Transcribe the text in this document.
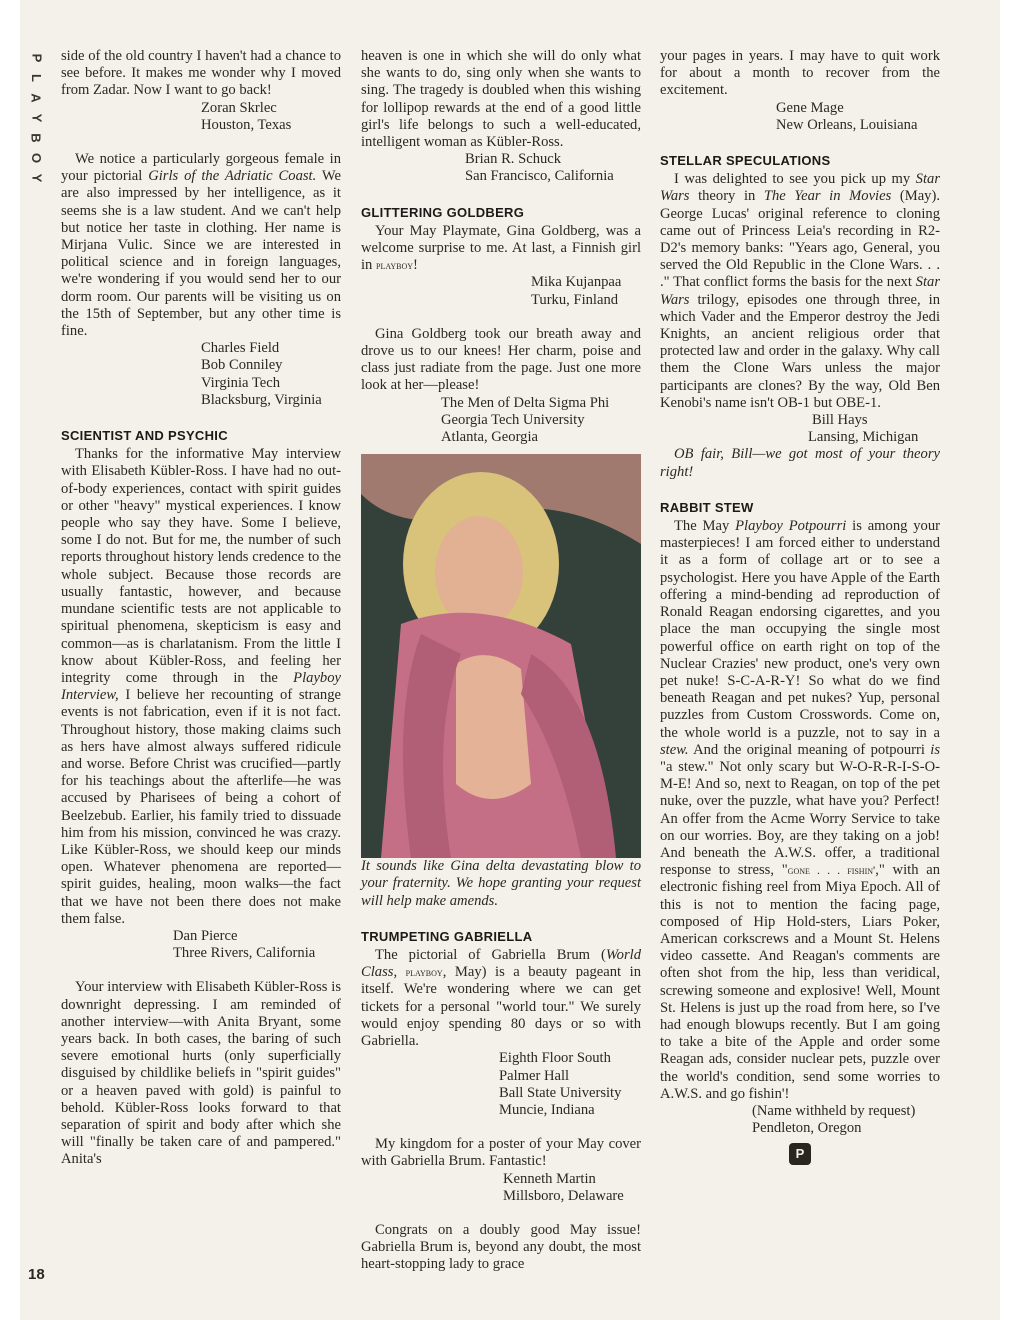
P
L
A
Y
B
O
Y
18

side of the old country I haven't had a chance to see before. It makes me wonder why I moved from Zadar. Now I want to go back!

Zoran Skrlec
Houston, Texas

We notice a particularly gorgeous female in your pictorial Girls of the Adriatic Coast. We are also impressed by her intelligence, as it seems she is a law student. And we can't help but notice her taste in clothing. Her name is Mirjana Vulic. Since we are interested in political science and in foreign languages, we're wondering if you would send her to our dorm room. Our parents will be visiting us on the 15th of September, but any other time is fine.

Charles Field
Bob Conniley
Virginia Tech
Blacksburg, Virginia
SCIENTIST AND PSYCHIC

Thanks for the informative May interview with Elisabeth Kübler-Ross. I have had no out-of-body experiences, contact with spirit guides or other "heavy" mystical experiences. I know people who say they have. Some I believe, some I do not. But for me, the number of such reports throughout history lends credence to the whole subject. Because those records are usually fantastic, however, and because mundane scientific tests are not applicable to spiritual phenomena, skepticism is easy and common—as is charlatanism. From the little I know about Kübler-Ross, and feeling her integrity come through in the Playboy Interview, I believe her recounting of strange events is not fabrication, even if it is not fact. Throughout history, those making claims such as hers have almost always suffered ridicule and worse. Before Christ was crucified—partly for his teachings about the afterlife—he was accused by Pharisees of being a cohort of Beelzebub. Earlier, his family tried to dissuade him from his mission, convinced he was crazy. Like Kübler-Ross, we should keep our minds open. Whatever phenomena are reported—spirit guides, healing, moon walks—the fact that we have not been there does not make them false.

Dan Pierce
Three Rivers, California

Your interview with Elisabeth Kübler-Ross is downright depressing. I am reminded of another interview—with Anita Bryant, some years back. In both cases, the baring of such severe emotional hurts (only superficially disguised by childlike beliefs in "spirit guides" or a heaven paved with gold) is painful to behold. Kübler-Ross looks forward to that separation of spirit and body after which she will "finally be taken care of and pampered." Anita's

heaven is one in which she will do only what she wants to do, sing only when she wants to sing. The tragedy is doubled when this wishing for lollipop rewards at the end of a good little girl's life belongs to such a well-educated, intelligent woman as Kübler-Ross.

Brian R. Schuck
San Francisco, California
GLITTERING GOLDBERG

Your May Playmate, Gina Goldberg, was a welcome surprise to me. At last, a Finnish girl in playboy!

Mika Kujanpaa
Turku, Finland

Gina Goldberg took our breath away and drove us to our knees! Her charm, poise and class just radiate from the page. Just one more look at her—please!

The Men of Delta Sigma Phi
Georgia Tech University
Atlanta, Georgia

It sounds like Gina delta devastating blow to your fraternity. We hope granting your request will help make amends.

TRUMPETING GABRIELLA

The pictorial of Gabriella Brum (World Class, playboy, May) is a beauty pageant in itself. We're wondering where we can get tickets for a personal "world tour." We surely would enjoy spending 80 days or so with Gabriella.

Eighth Floor South
Palmer Hall
Ball State University
Muncie, Indiana

My kingdom for a poster of your May cover with Gabriella Brum. Fantastic!

Kenneth Martin
Millsboro, Delaware

Congrats on a doubly good May issue! Gabriella Brum is, beyond any doubt, the most heart-stopping lady to grace

your pages in years. I may have to quit work for about a month to recover from the excitement.

Gene Mage
New Orleans, Louisiana
STELLAR SPECULATIONS

I was delighted to see you pick up my Star Wars theory in The Year in Movies (May). George Lucas' original reference to cloning came out of Princess Leia's recording in R2-D2's memory banks: "Years ago, General, you served the Old Republic in the Clone Wars. . . ." That conflict forms the basis for the next Star Wars trilogy, episodes one through three, in which Vader and the Emperor destroy the Jedi Knights, an ancient religious order that protected law and order in the galaxy. Why call them the Clone Wars unless the major participants are clones? By the way, Old Ben Kenobi's name isn't OB-1 but OBE-1.

Bill Hays
Lansing, Michigan

OB fair, Bill—we got most of your theory right!

RABBIT STEW

The May Playboy Potpourri is among your masterpieces! I am forced either to understand it as a form of collage art or to see a psychologist. Here you have Apple of the Earth offering a mind-bending ad reproduction of Ronald Reagan endorsing cigarettes, and you place the man occupying the single most powerful office on earth right on top of the Nuclear Crazies' new product, one's very own pet nuke! S-C-A-R-Y! So what do we find beneath Reagan and pet nukes? Yup, personal puzzles from Custom Crosswords. Come on, the whole world is a puzzle, not to say in a stew. And the original meaning of potpourri is "a stew." Not only scary but W-O-R-R-I-S-O-M-E! And so, next to Reagan, on top of the pet nuke, over the puzzle, what have you? Perfect! An offer from the Acme Worry Service to take on our worries. Boy, are they taking on a job! And beneath the A.W.S. offer, a traditional response to stress, "gone . . . fishin'," with an electronic fishing reel from Miya Epoch. All of this is not to mention the facing page, composed of Hip Hold-sters, Liars Poker, American corkscrews and a Mount St. Helens video cassette. And Reagan's comments are often shot from the hip, less than veridical, screwing someone and explosive! Well, Mount St. Helens is just up the road from here, so I've had enough blowups recently. But I am going to take a bite of the Apple and order some Reagan ads, consider nuclear pets, puzzle over the world's condition, send some worries to A.W.S. and go fishin'!

(Name withheld by request)
Pendleton, Oregon
P
